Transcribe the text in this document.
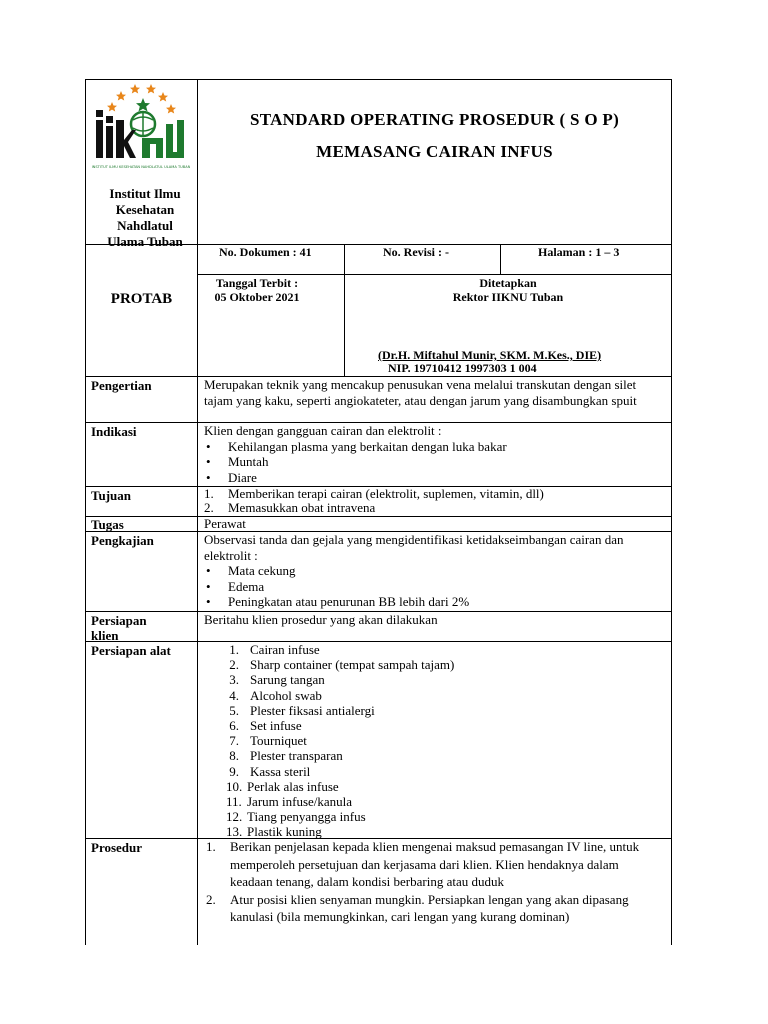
INSTITUT ILMU KESEHATAN NAHDLATUL ULAMA TUBAN
Institut Ilmu
Kesehatan
Nahdlatul
Ulama Tuban
STANDARD OPERATING PROSEDUR ( S O P)
MEMASANG CAIRAN INFUS
PROTAB
No. Dokumen : 41	No. Revisi : -	Halaman : 1 – 3
Tanggal Terbit :
05 Oktober 2021
Ditetapkan
Rektor IIKNU Tuban
(Dr.H. Miftahul Munir, SKM. M.Kes., DIE)
NIP. 19710412 1997303 1 004
Pengertian	Merupakan teknik yang mencakup penusukan vena melalui transkutan dengan silet tajam yang kaku, seperti angiokateter, atau dengan jarum yang disambungkan spuit
Indikasi	Klien dengan gangguan cairan dan elektrolit :
• Kehilangan plasma yang berkaitan dengan luka bakar
• Muntah
• Diare
Tujuan	1. Memberikan terapi cairan (elektrolit, suplemen, vitamin, dll)
2. Memasukkan obat intravena
Tugas	Perawat
Pengkajian	Observasi tanda dan gejala yang mengidentifikasi ketidakseimbangan cairan dan elektrolit :
• Mata cekung
• Edema
• Peningkatan atau penurunan BB lebih dari 2%
Persiapan
klien
Beritahu klien prosedur yang akan dilakukan
Persiapan alat	1. Cairan infuse
2. Sharp container (tempat sampah tajam)
3. Sarung tangan
4. Alcohol swab
5. Plester fiksasi antialergi
6. Set infuse
7. Tourniquet
8. Plester transparan
9. Kassa steril
10. Perlak alas infuse
11. Jarum infuse/kanula
12. Tiang penyangga infus
13. Plastik kuning
Prosedur	1.	Berikan penjelasan kepada klien mengenai maksud pemasangan IV line, untuk memperoleh persetujuan dan kerjasama dari klien. Klien hendaknya dalam keadaan tenang, dalam kondisi berbaring atau duduk
2.	Atur posisi klien senyaman mungkin. Persiapkan lengan yang akan dipasang kanulasi (bila memungkinkan, cari lengan yang kurang dominan)
